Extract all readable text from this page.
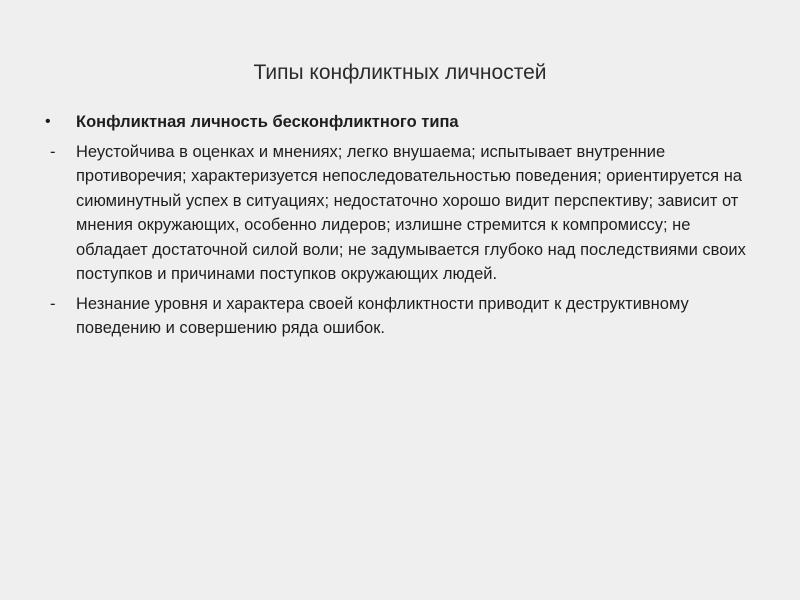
Типы конфликтных личностей
•	Конфликтная личность бесконфликтного типа
-	Неустойчива в оценках и мнениях; легко внушаема; испытывает внутренние противоречия; характеризуется непоследовательностью поведения; ориентируется на сиюминутный успех в ситуациях; недостаточно хорошо видит перспективу; зависит от мнения окружающих, особенно лидеров; излишне стремится к компромиссу; не обладает достаточной силой воли; не задумывается глубоко над последствиями своих поступков и причинами поступков окружающих людей.
-	Незнание уровня и характера своей конфликтности приводит к деструктивному поведению и совершению ряда ошибок.
